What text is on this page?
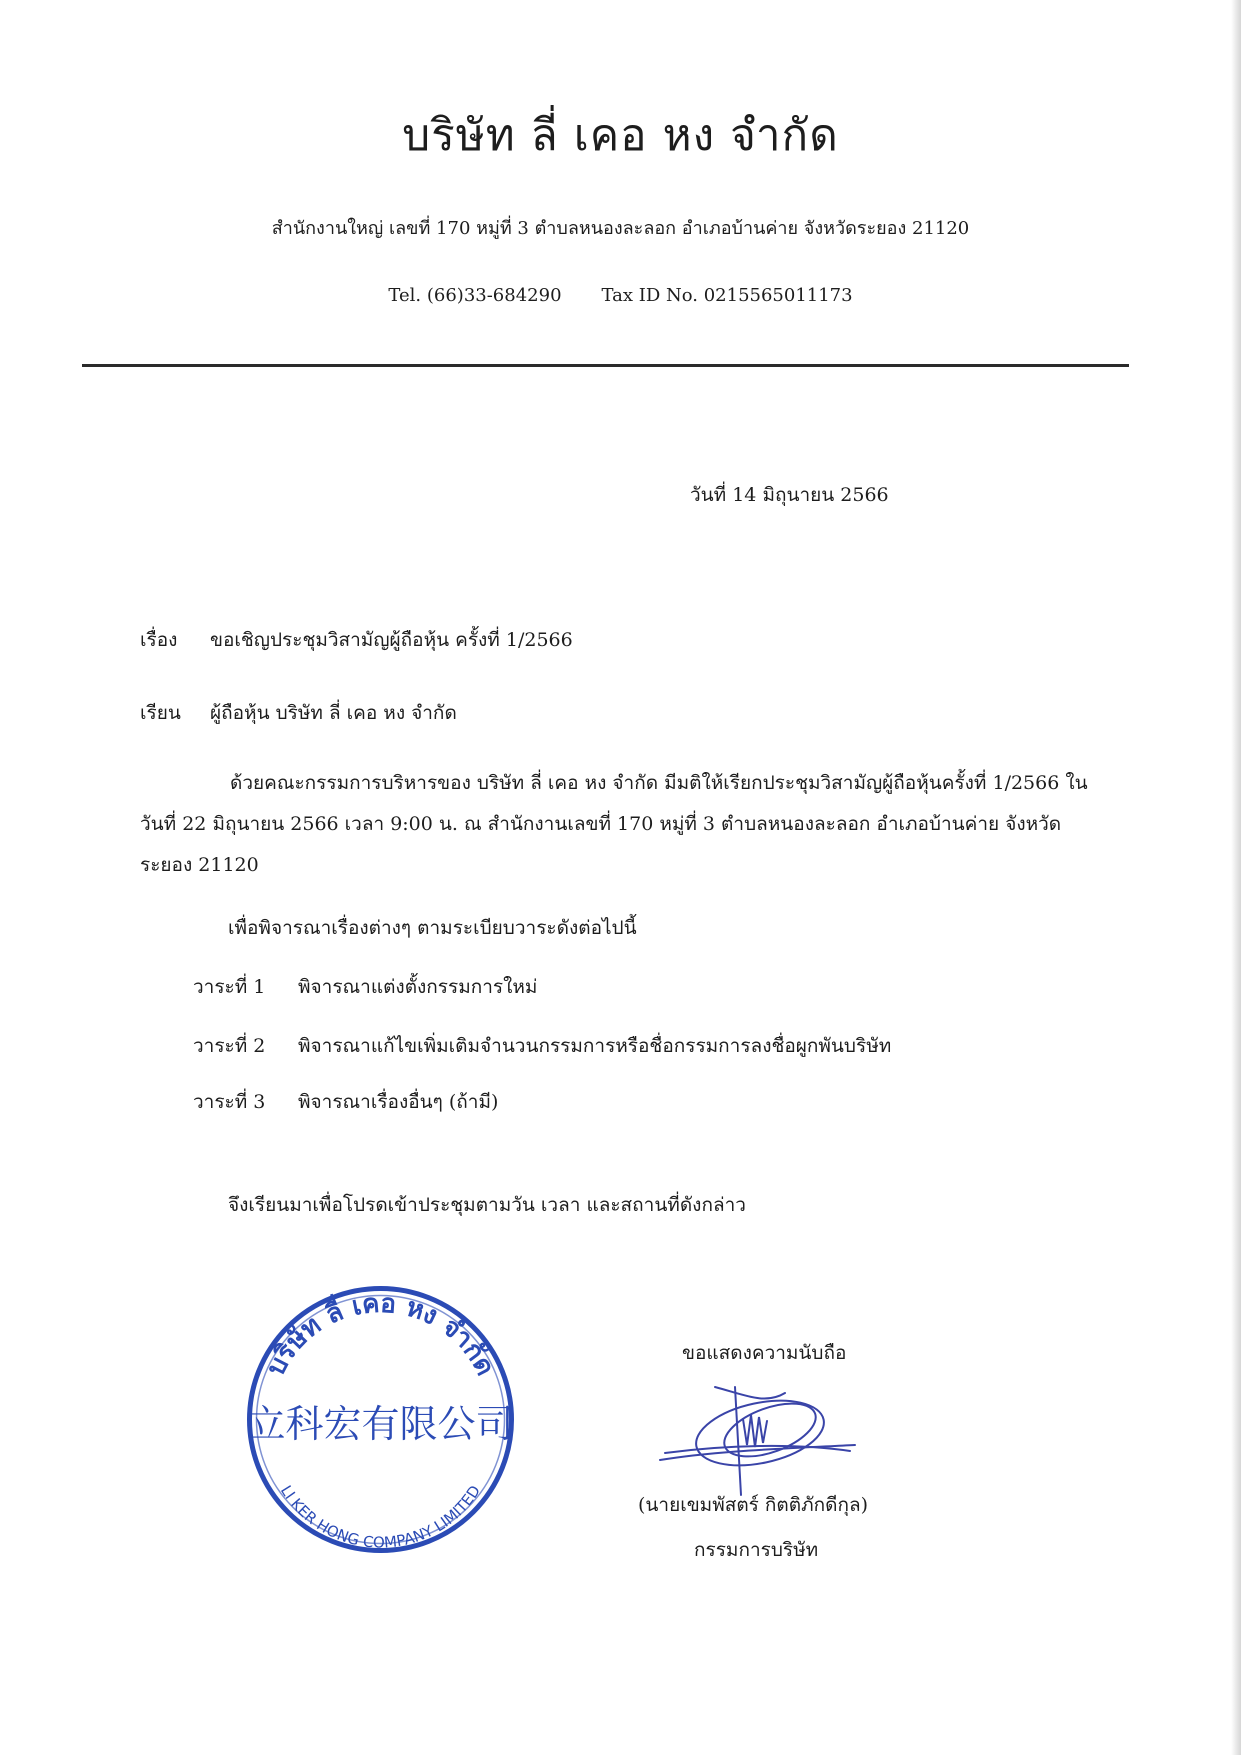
บริษัท ลี่ เคอ หง จำกัด
สำนักงานใหญ่ เลขที่ 170 หมู่ที่ 3 ตำบลหนองละลอก อำเภอบ้านค่าย จังหวัดระยอง 21120
Tel. (66)33-684290 Tax ID No. 0215565011173
วันที่ 14 มิถุนายน 2566
เรื่อง ขอเชิญประชุมวิสามัญผู้ถือหุ้น ครั้งที่ 1/2566
เรียน ผู้ถือหุ้น บริษัท ลี่ เคอ หง จำกัด
ด้วยคณะกรรมการบริหารของ บริษัท ลี่ เคอ หง จำกัด มีมติให้เรียกประชุมวิสามัญผู้ถือหุ้นครั้งที่ 1/2566 ในวันที่ 22 มิถุนายน 2566 เวลา 9:00 น. ณ สำนักงานเลขที่ 170 หมู่ที่ 3 ตำบลหนองละลอก อำเภอบ้านค่าย จังหวัดระยอง 21120
เพื่อพิจารณาเรื่องต่างๆ ตามระเบียบวาระดังต่อไปนี้
วาระที่ 1 พิจารณาแต่งตั้งกรรมการใหม่
วาระที่ 2 พิจารณาแก้ไขเพิ่มเติมจำนวนกรรมการหรือชื่อกรรมการลงชื่อผูกพันบริษัท
วาระที่ 3 พิจารณาเรื่องอื่นๆ (ถ้ามี)
จึงเรียนมาเพื่อโปรดเข้าประชุมตามวัน เวลา และสถานที่ดังกล่าว
บริษัท ลี่ เคอ หง จำกัด
立科宏有限公司
LI KER HONG COMPANY LIMITED
ขอแสดงความนับถือ
(นายเขมพัสตร์ กิตติภักดีกุล)
กรรมการบริษัท
